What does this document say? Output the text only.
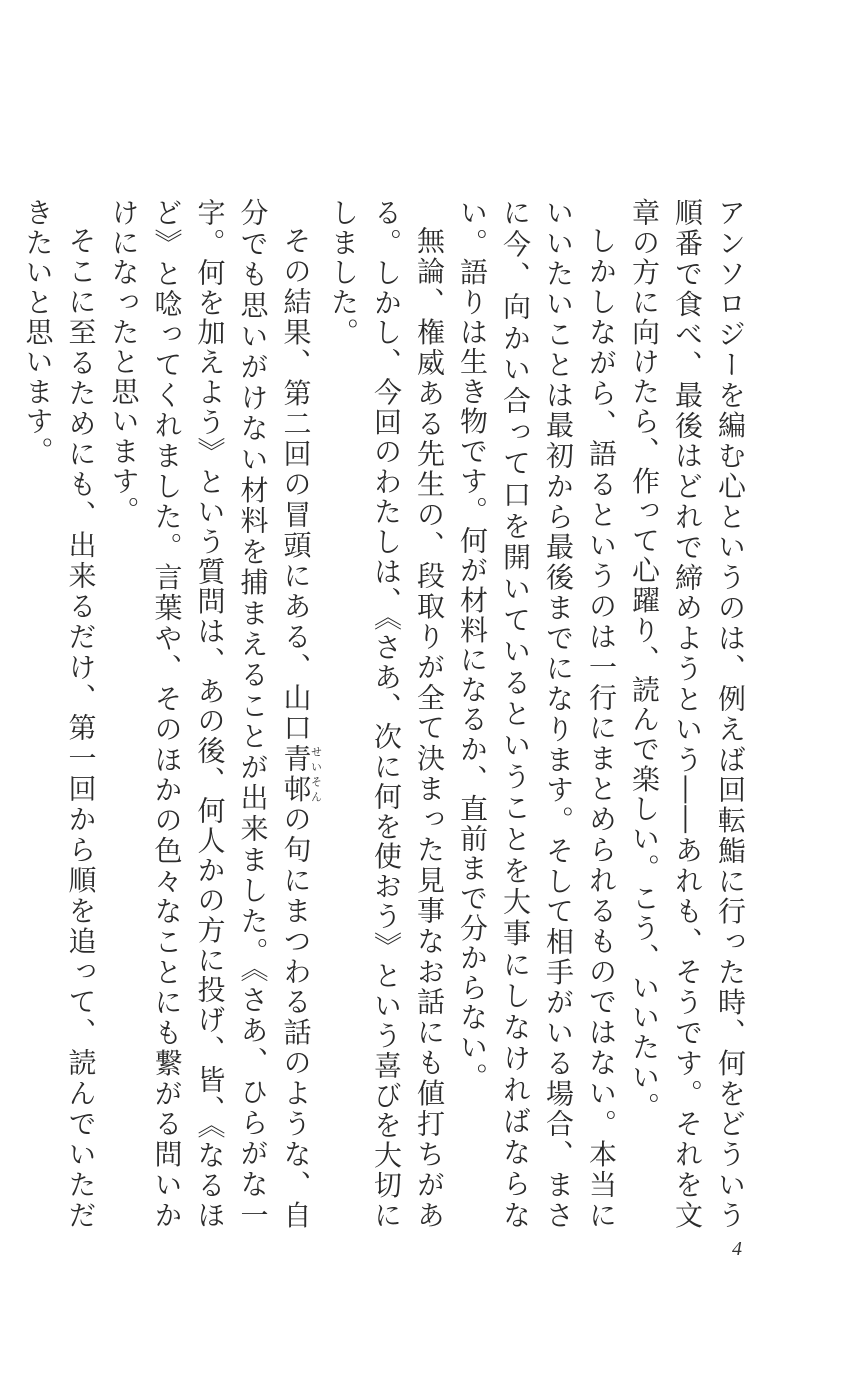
アンソロジーを編む心というのは、例えば回転鮨に行った時、何をどういう順番で食べ、最後はどれで締めようという――あれも、そうです。それを文章の方に向けたら、作って心躍り、読んで楽しい。こう、いいたい。

しかしながら、語るというのは一行にまとめられるものではない。本当にいいたいことは最初から最後までになります。そして相手がいる場合、まさに今、向かい合って口を開いているということを大事にしなければならない。語りは生き物です。何が材料になるか、直前まで分からない。

無論、権威ある先生の、段取りが全て決まった見事なお話にも値打ちがある。しかし、今回のわたしは、《さあ、次に何を使おう》という喜びを大切にしました。

その結果、第二回の冒頭にある、山口青邨せいそんの句にまつわる話のような、自分でも思いがけない材料を捕まえることが出来ました。《さあ、ひらがな一字。何を加えよう》という質問は、あの後、何人かの方に投げ、皆、《なるほど》と唸ってくれました。言葉や、そのほかの色々なことにも繋がる問いかけになったと思います。

そこに至るためにも、出来るだけ、第一回から順を追って、読んでいただきたいと思います。

4
